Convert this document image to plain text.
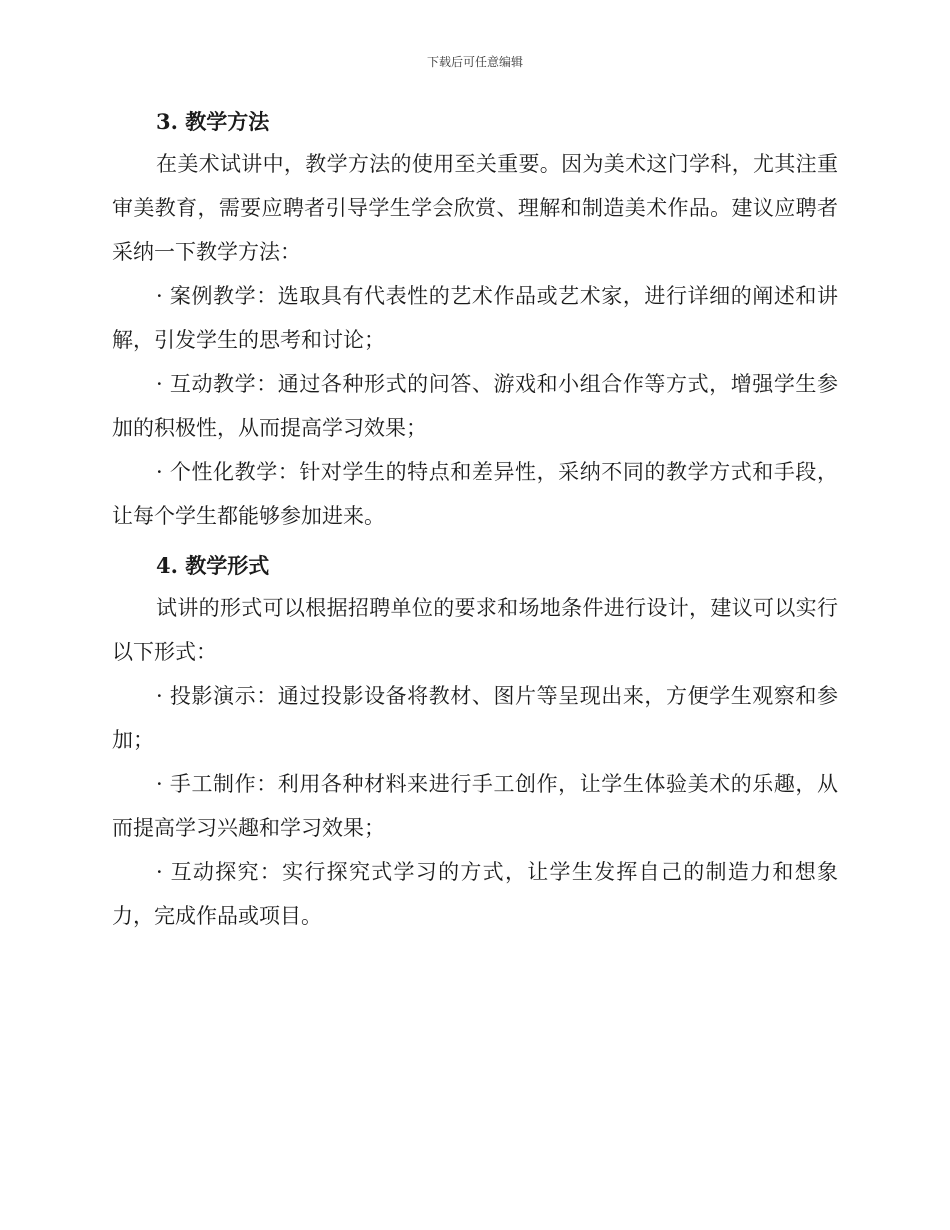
下载后可任意编辑
3. 教学方法

在美术试讲中，教学方法的使用至关重要。因为美术这门学科，尤其注重审美教育，需要应聘者引导学生学会欣赏、理解和制造美术作品。建议应聘者采纳一下教学方法：

· 案例教学：选取具有代表性的艺术作品或艺术家，进行详细的阐述和讲解，引发学生的思考和讨论；

· 互动教学：通过各种形式的问答、游戏和小组合作等方式，增强学生参加的积极性，从而提高学习效果；

· 个性化教学：针对学生的特点和差异性，采纳不同的教学方式和手段，让每个学生都能够参加进来。

4. 教学形式

试讲的形式可以根据招聘单位的要求和场地条件进行设计，建议可以实行以下形式：

· 投影演示：通过投影设备将教材、图片等呈现出来，方便学生观察和参加；

· 手工制作：利用各种材料来进行手工创作，让学生体验美术的乐趣，从而提高学习兴趣和学习效果；

· 互动探究：实行探究式学习的方式，让学生发挥自己的制造力和想象力，完成作品或项目。
